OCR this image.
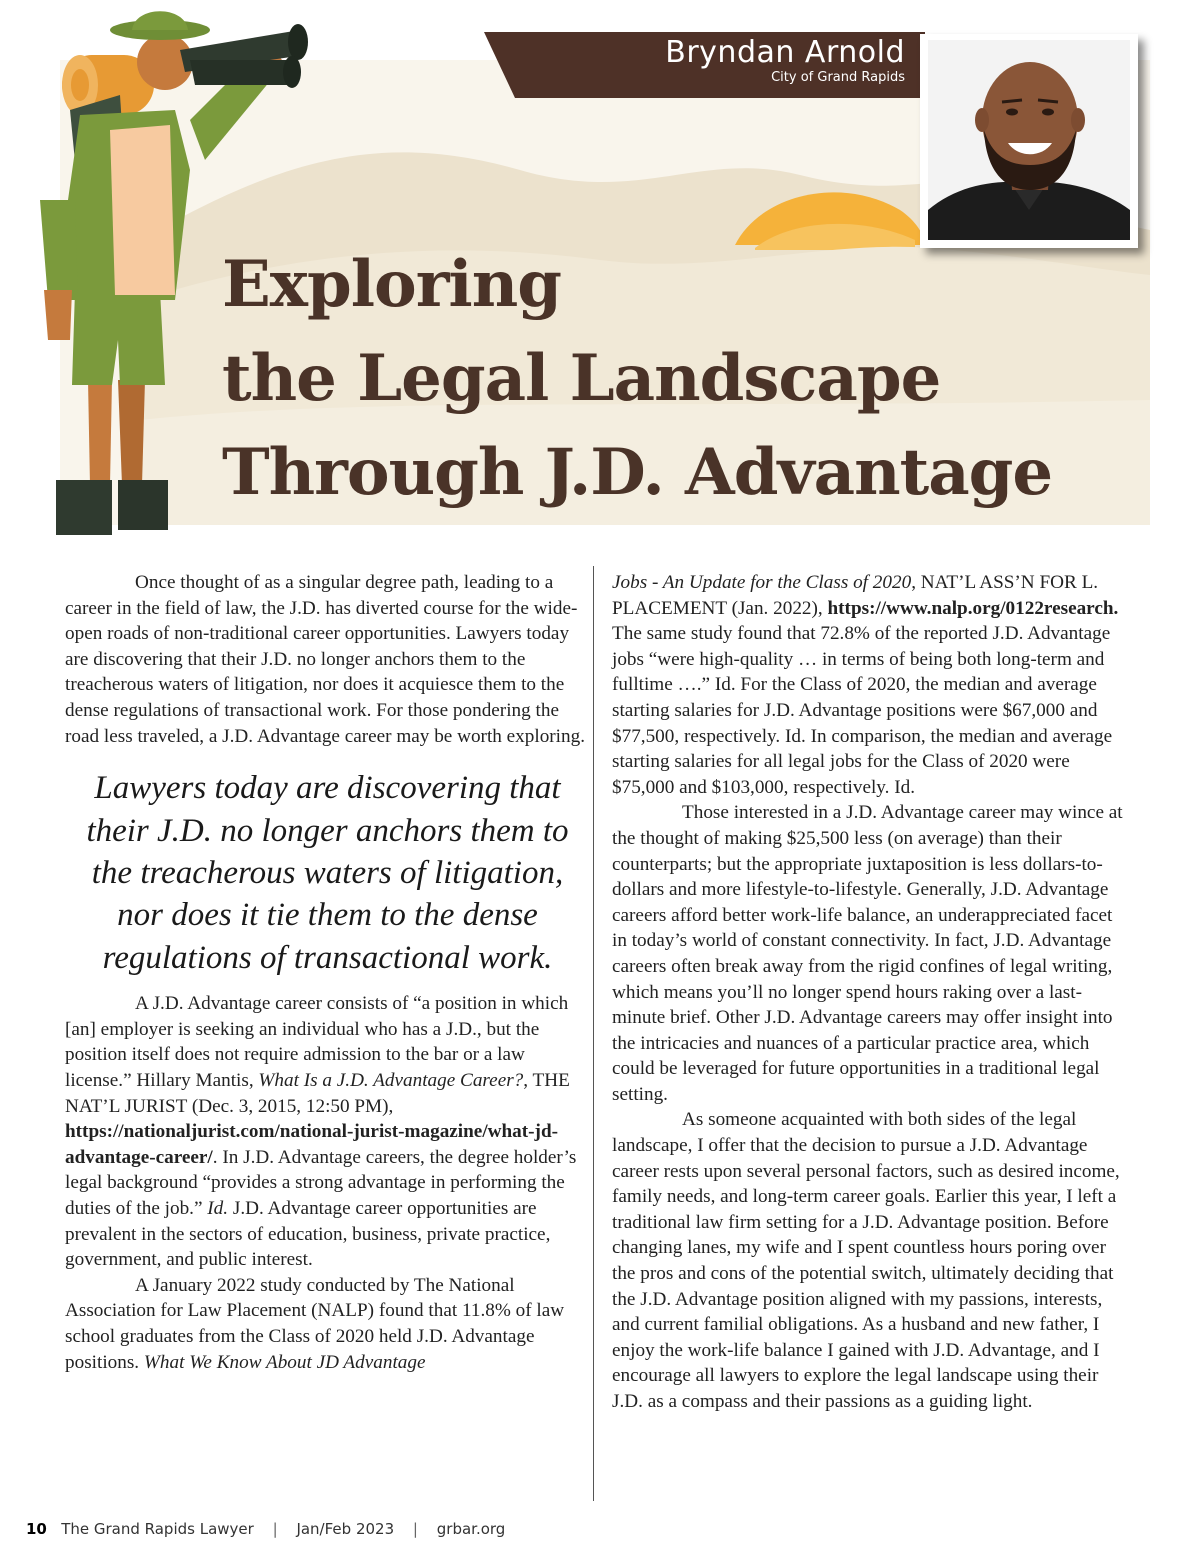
Bryndan Arnold
City of Grand Rapids
Exploring
the Legal Landscape
Through J.D. Advantage

Once thought of as a singular degree path, leading to a career in the field of law, the J.D. has diverted course for the wide-open roads of non-traditional career opportunities. Lawyers today are discovering that their J.D. no longer anchors them to the treacherous waters of litigation, nor does it acquiesce them to the dense regulations of transactional work. For those pondering the road less traveled, a J.D. Advantage career may be worth exploring.

Lawyers today are discovering that their J.D. no longer anchors them to the treacherous waters of litigation, nor does it tie them to the dense regulations of transactional work.

A J.D. Advantage career consists of “a position in which [an] employer is seeking an individual who has a J.D., but the position itself does not require admission to the bar or a law license.” Hillary Mantis, What Is a J.D. Advantage Career?, THE NAT’L JURIST (Dec. 3, 2015, 12:50 PM), https://nationaljurist.com/national-jurist-magazine/what-jd-advantage-career/. In J.D. Advantage careers, the degree holder’s legal background “provides a strong advantage in performing the duties of the job.” Id. J.D. Advantage career opportunities are prevalent in the sectors of education, business, private practice, government, and public interest.

A January 2022 study conducted by The National Association for Law Placement (NALP) found that 11.8% of law school graduates from the Class of 2020 held J.D. Advantage positions. What We Know About JD Advantage

Jobs - An Update for the Class of 2020, NAT’L ASS’N FOR L. PLACEMENT (Jan. 2022), https://www.nalp.org/0122research. The same study found that 72.8% of the reported J.D. Advantage jobs “were high-quality … in terms of being both long-term and fulltime ….” Id. For the Class of 2020, the median and average starting salaries for J.D. Advantage positions were $67,000 and $77,500, respectively. Id. In comparison, the median and average starting salaries for all legal jobs for the Class of 2020 were $75,000 and $103,000, respectively. Id.

Those interested in a J.D. Advantage career may wince at the thought of making $25,500 less (on average) than their counterparts; but the appropriate juxtaposition is less dollars-to-dollars and more lifestyle-to-lifestyle. Generally, J.D. Advantage careers afford better work-life balance, an underappreciated facet in today’s world of constant connectivity. In fact, J.D. Advantage careers often break away from the rigid confines of legal writing, which means you’ll no longer spend hours raking over a last-minute brief. Other J.D. Advantage careers may offer insight into the intricacies and nuances of a particular practice area, which could be leveraged for future opportunities in a traditional legal setting.

As someone acquainted with both sides of the legal landscape, I offer that the decision to pursue a J.D. Advantage career rests upon several personal factors, such as desired income, family needs, and long-term career goals. Earlier this year, I left a traditional law firm setting for a J.D. Advantage position. Before changing lanes, my wife and I spent countless hours poring over the pros and cons of the potential switch, ultimately deciding that the J.D. Advantage position aligned with my passions, interests, and current familial obligations. As a husband and new father, I enjoy the work-life balance I gained with J.D. Advantage, and I encourage all lawyers to explore the legal landscape using their J.D. as a compass and their passions as a guiding light.

10 The Grand Rapids Lawyer | Jan/Feb 2023 | grbar.org
